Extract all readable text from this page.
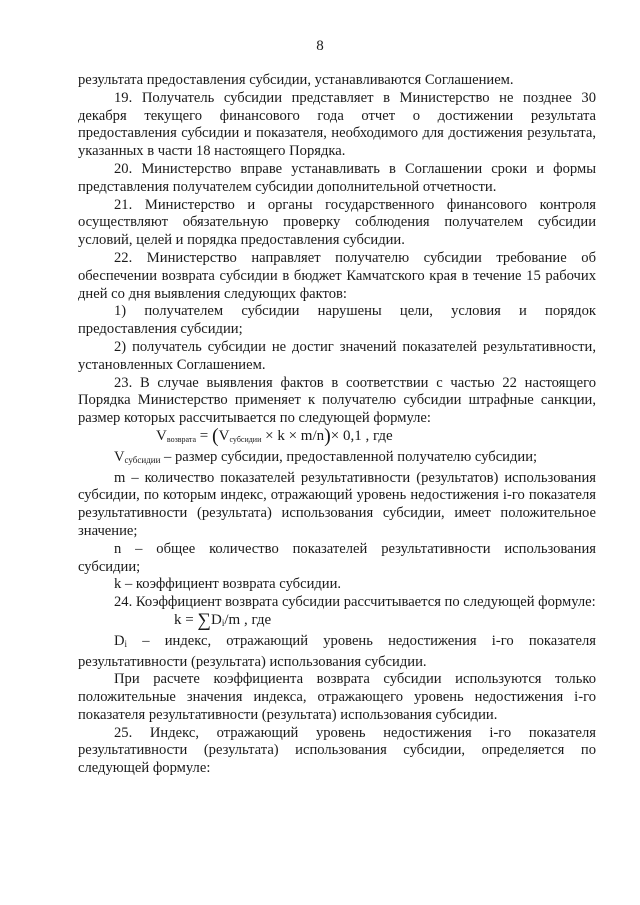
8

результата предоставления субсидии, устанавливаются Соглашением.

19. Получатель субсидии представляет в Министерство не позднее 30 декабря текущего финансового года отчет о достижении результата предоставления субсидии и показателя, необходимого для достижения результата, указанных в части 18 настоящего Порядка.

20. Министерство вправе устанавливать в Соглашении сроки и формы представления получателем субсидии дополнительной отчетности.

21. Министерство и органы государственного финансового контроля осуществляют обязательную проверку соблюдения получателем субсидии условий, целей и порядка предоставления субсидии.

22. Министерство направляет получателю субсидии требование об обеспечении возврата субсидии в бюджет Камчатского края в течение 15 рабочих дней со дня выявления следующих фактов:

1) получателем субсидии нарушены цели, условия и порядок предоставления субсидии;

2) получатель субсидии не достиг значений показателей результативности, установленных Соглашением.

23. В случае выявления фактов в соответствии с частью 22 настоящего Порядка Министерство применяет к получателю субсидии штрафные санкции, размер которых рассчитывается по следующей формуле:

$V_{возврата} = (V_{субсидии} \times k \times m/n)\times 0,1$ , где

$V_{субсидии}$ – размер субсидии, предоставленной получателю субсидии;

m – количество показателей результативности (результатов) использования субсидии, по которым индекс, отражающий уровень недостижения i-го показателя результативности (результата) использования субсидии, имеет положительное значение;

n – общее количество показателей результативности использования субсидии;

k – коэффициент возврата субсидии.

24. Коэффициент возврата субсидии рассчитывается по следующей формуле:

$k = \sum D_i/m$ , где

$D_i$ – индекс, отражающий уровень недостижения i-го показателя результативности (результата) использования субсидии.

При расчете коэффициента возврата субсидии используются только положительные значения индекса, отражающего уровень недостижения i-го показателя результативности (результата) использования субсидии.

25. Индекс, отражающий уровень недостижения i-го показателя результативности (результата) использования субсидии, определяется по следующей формуле:
